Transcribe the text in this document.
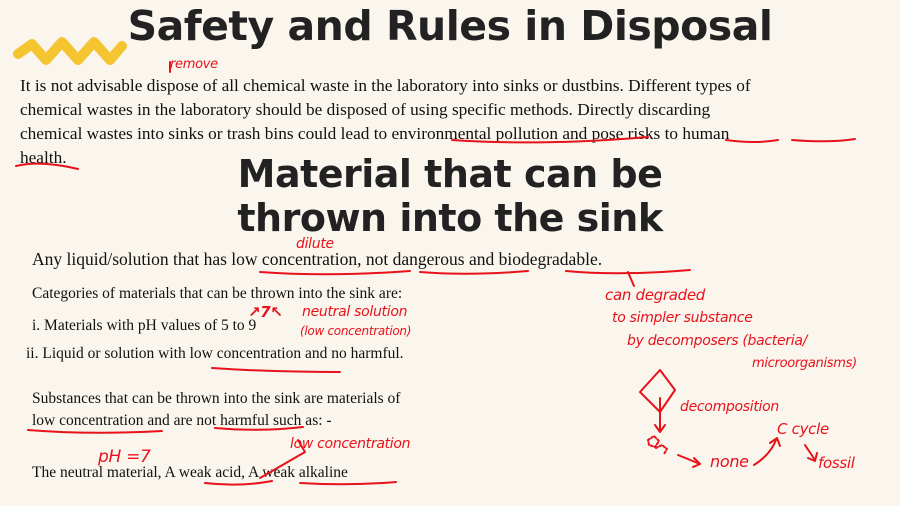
Safety and Rules in Disposal
It is not advisable dispose of all chemical waste in the laboratory into sinks or dustbins. Different types of
chemical wastes in the laboratory should be disposed of using specific methods. Directly discarding
chemical wastes into sinks or trash bins could lead to environmental pollution and pose risks to human
health.	Material that can be
thrown into the sink
Any liquid/solution that has low concentration, not dangerous and biodegradable.
Categories of materials that can be thrown into the sink are:
i. Materials with pH values of 5 to 9
ii. Liquid or solution with low concentration and no harmful.
Substances that can be thrown into the sink are materials of
low concentration and are not harmful such as: -
The neutral material, A weak acid, A weak alkaline
remove
dilute
↗7↖ neutral solution
(low concentration)
can degraded
to simpler substance
by decomposers (bacteria/
microorganisms)
decomposition
none
C cycle
fossil
pH =7
low concentration
